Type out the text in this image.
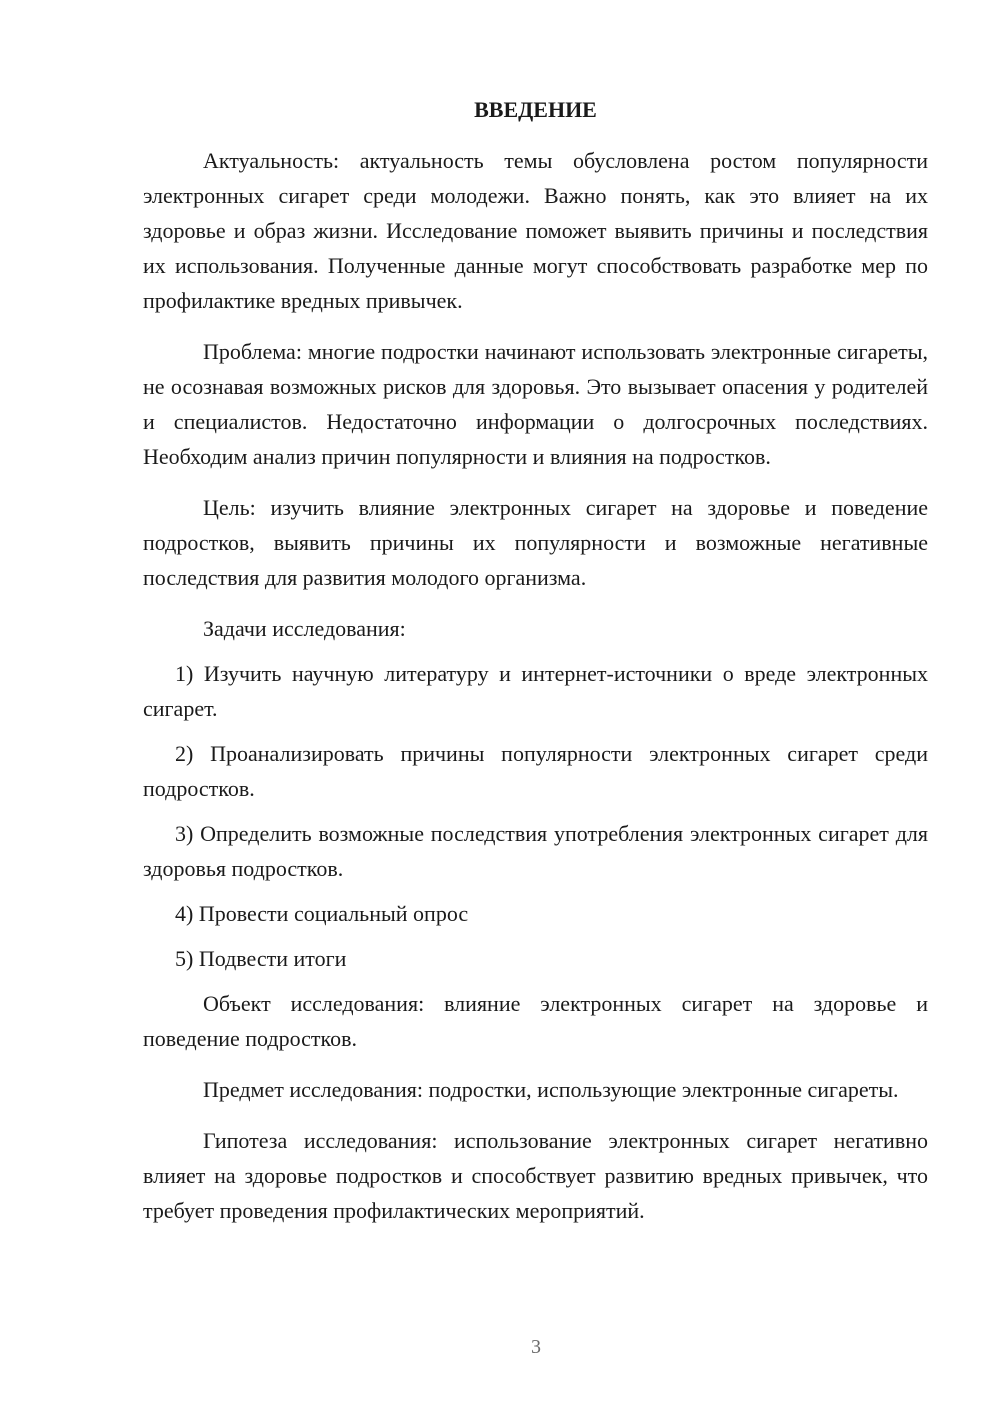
ВВЕДЕНИЕ

Актуальность: актуальность темы обусловлена ростом популярности электронных сигарет среди молодежи. Важно понять, как это влияет на их здоровье и образ жизни. Исследование поможет выявить причины и последствия их использования. Полученные данные могут способствовать разработке мер по профилактике вредных привычек.

Проблема: многие подростки начинают использовать электронные сигареты, не осознавая возможных рисков для здоровья. Это вызывает опасения у родителей и специалистов. Недостаточно информации о долгосрочных последствиях. Необходим анализ причин популярности и влияния на подростков.

Цель: изучить влияние электронных сигарет на здоровье и поведение подростков, выявить причины их популярности и возможные негативные последствия для развития молодого организма.

Задачи исследования:

1) Изучить научную литературу и интернет-источники о вреде электронных сигарет.

2) Проанализировать причины популярности электронных сигарет среди подростков.

3) Определить возможные последствия употребления электронных сигарет для здоровья подростков.

4) Провести социальный опрос

5) Подвести итоги

Объект исследования: влияние электронных сигарет на здоровье и поведение подростков.

Предмет исследования: подростки, использующие электронные сигареты.

Гипотеза исследования: использование электронных сигарет негативно влияет на здоровье подростков и способствует развитию вредных привычек, что требует проведения профилактических мероприятий.

3
